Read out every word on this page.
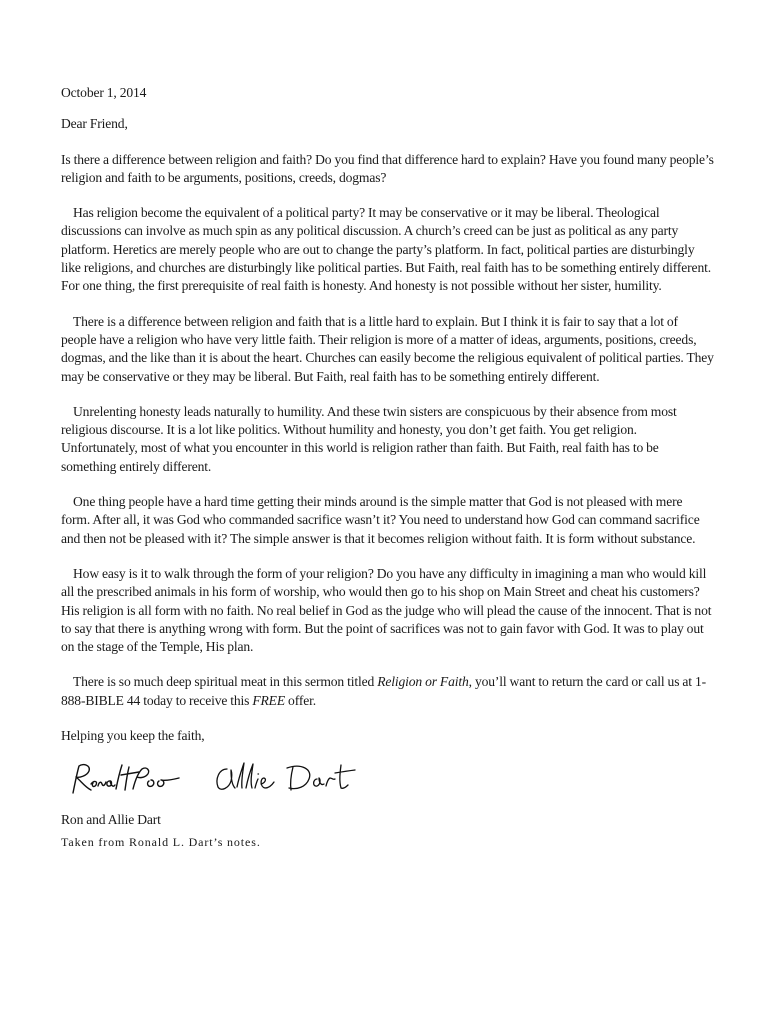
October 1, 2014

Dear Friend,

Is there a difference between religion and faith? Do you find that difference hard to explain? Have you found many people’s religion and faith to be arguments, positions, creeds, dogmas?

Has religion become the equivalent of a political party? It may be conservative or it may be liberal. Theological discussions can involve as much spin as any political discussion. A church’s creed can be just as political as any party platform. Heretics are merely people who are out to change the party’s platform. In fact, political parties are disturbingly like religions, and churches are disturbingly like political parties. But Faith, real faith has to be something entirely different. For one thing, the first prerequisite of real faith is honesty. And honesty is not possible without her sister, humility.

There is a difference between religion and faith that is a little hard to explain. But I think it is fair to say that a lot of people have a religion who have very little faith. Their religion is more of a matter of ideas, arguments, positions, creeds, dogmas, and the like than it is about the heart. Churches can easily become the religious equivalent of political parties. They may be conservative or they may be liberal. But Faith, real faith has to be something entirely different.

Unrelenting honesty leads naturally to humility. And these twin sisters are conspicuous by their absence from most religious discourse. It is a lot like politics. Without humility and honesty, you don’t get faith. You get religion. Unfortunately, most of what you encounter in this world is religion rather than faith. But Faith, real faith has to be something entirely different.

One thing people have a hard time getting their minds around is the simple matter that God is not pleased with mere form. After all, it was God who commanded sacrifice wasn’t it? You need to understand how God can command sacrifice and then not be pleased with it? The simple answer is that it becomes religion without faith. It is form without substance.

How easy is it to walk through the form of your religion? Do you have any difficulty in imagining a man who would kill all the prescribed animals in his form of worship, who would then go to his shop on Main Street and cheat his customers? His religion is all form with no faith. No real belief in God as the judge who will plead the cause of the innocent. That is not to say that there is anything wrong with form. But the point of sacrifices was not to gain favor with God. It was to play out on the stage of the Temple, His plan.

There is so much deep spiritual meat in this sermon titled Religion or Faith, you’ll want to return the card or call us at 1-888-BIBLE 44 today to receive this FREE offer.

Helping you keep the faith,

Ron and Allie Dart

Taken from Ronald L. Dart’s notes.
